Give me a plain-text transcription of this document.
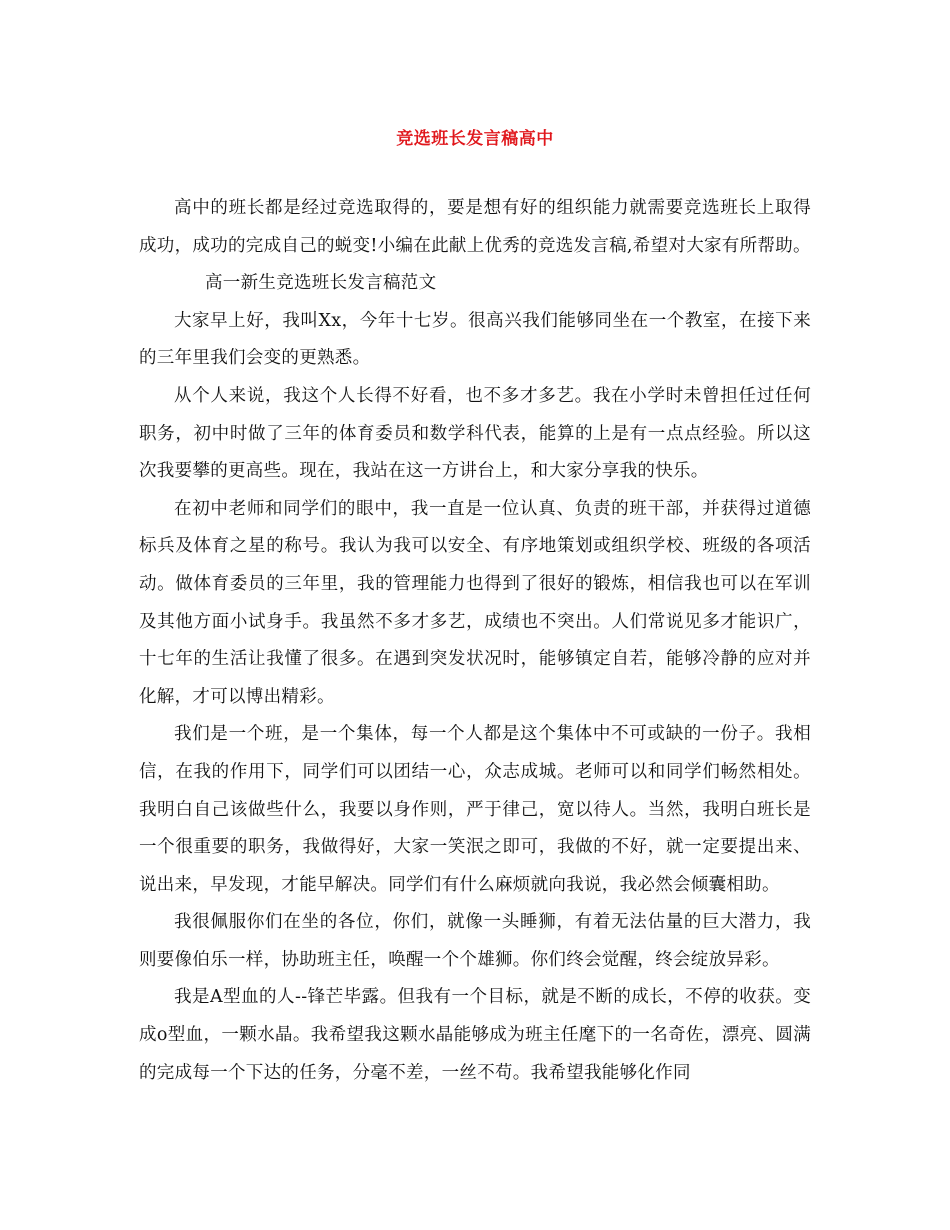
竞选班长发言稿高中

高中的班长都是经过竞选取得的，要是想有好的组织能力就需要竞选班长上取得成功，成功的完成自己的蜕变!小编在此献上优秀的竞选发言稿,希望对大家有所帮助。

高一新生竞选班长发言稿范文

大家早上好，我叫Xx，今年十七岁。很高兴我们能够同坐在一个教室，在接下来的三年里我们会变的更熟悉。

从个人来说，我这个人长得不好看，也不多才多艺。我在小学时未曾担任过任何职务，初中时做了三年的体育委员和数学科代表，能算的上是有一点点经验。所以这次我要攀的更高些。现在，我站在这一方讲台上，和大家分享我的快乐。

在初中老师和同学们的眼中，我一直是一位认真、负责的班干部，并获得过道德标兵及体育之星的称号。我认为我可以安全、有序地策划或组织学校、班级的各项活动。做体育委员的三年里，我的管理能力也得到了很好的锻炼，相信我也可以在军训及其他方面小试身手。我虽然不多才多艺，成绩也不突出。人们常说见多才能识广，十七年的生活让我懂了很多。在遇到突发状况时，能够镇定自若，能够冷静的应对并化解，才可以博出精彩。

我们是一个班，是一个集体，每一个人都是这个集体中不可或缺的一份子。我相信，在我的作用下，同学们可以团结一心，众志成城。老师可以和同学们畅然相处。我明白自己该做些什么，我要以身作则，严于律己，宽以待人。当然，我明白班长是一个很重要的职务，我做得好，大家一笑泯之即可，我做的不好，就一定要提出来、说出来，早发现，才能早解决。同学们有什么麻烦就向我说，我必然会倾囊相助。

我很佩服你们在坐的各位，你们，就像一头睡狮，有着无法估量的巨大潜力，我则要像伯乐一样，协助班主任，唤醒一个个雄狮。你们终会觉醒，终会绽放异彩。

我是A型血的人--锋芒毕露。但我有一个目标，就是不断的成长，不停的收获。变成o型血，一颗水晶。我希望我这颗水晶能够成为班主任麾下的一名奇佐，漂亮、圆满的完成每一个下达的任务，分毫不差，一丝不苟。我希望我能够化作同
